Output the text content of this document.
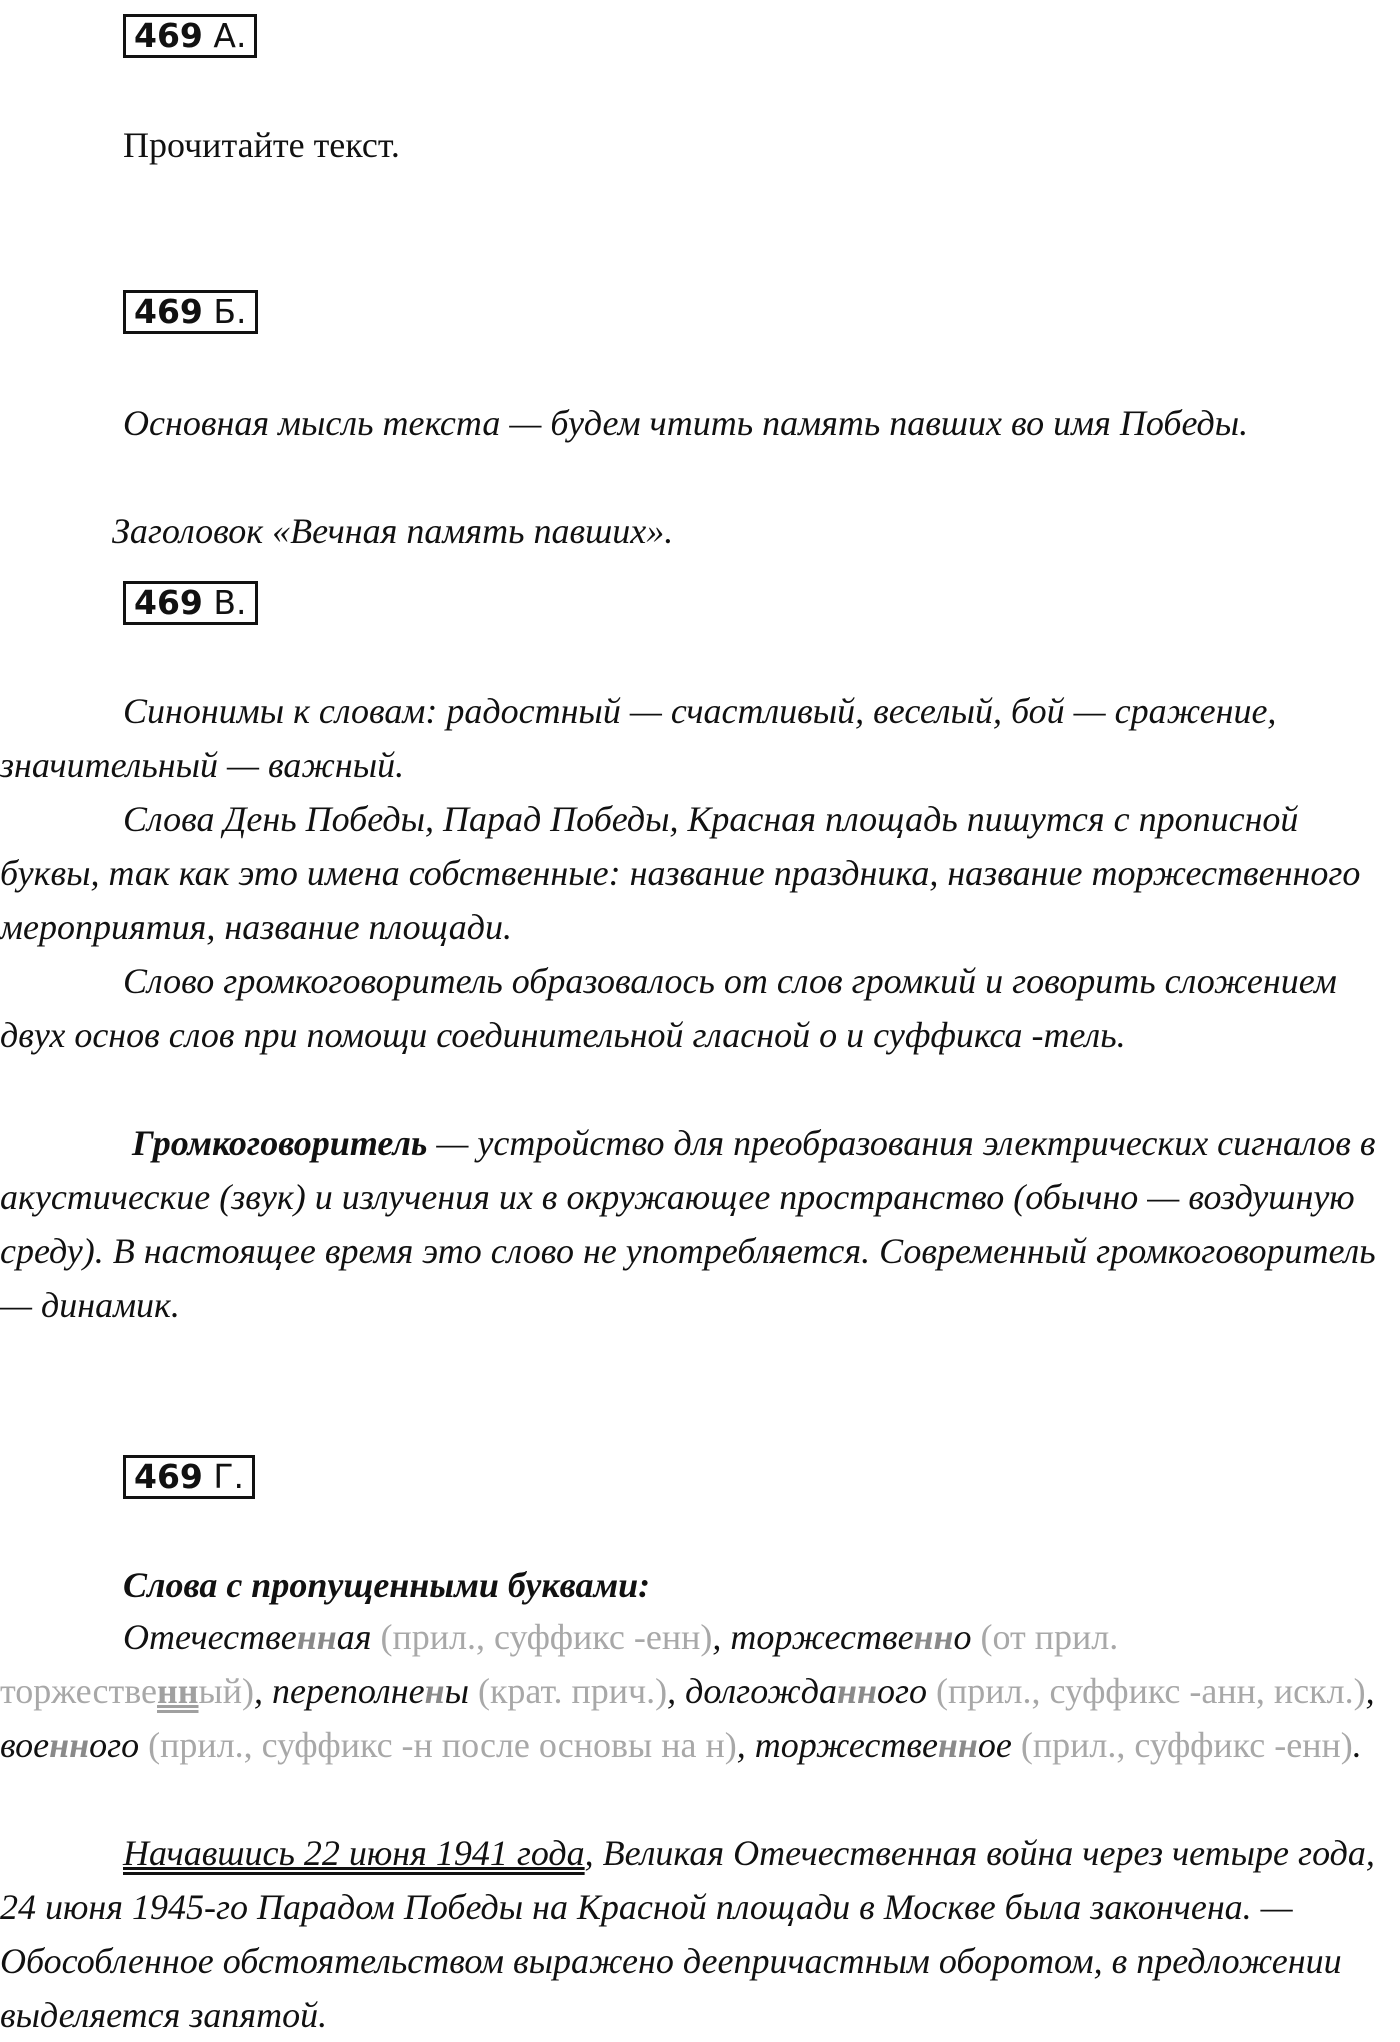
469 А.

Прочитайте текст.

469 Б.

Основная мысль текста — будем чтить память павших во имя Победы.

Заголовок «Вечная память павших».

469 В.

Синонимы к словам: радостный — счастливый, веселый, бой — сражение, значительный — важный.

Слова День Победы, Парад Победы, Красная площадь пишутся с прописной буквы, так как это имена собственные: название праздника, название торжественного мероприятия, название площади.

Слово громкоговоритель образовалось от слов громкий и говорить сложением двух основ слов при помощи соединительной гласной о и суффикса -тель.

Громкоговоритель — устройство для преобразования электрических сигналов в акустические (звук) и излучения их в окружающее пространство (обычно — воздушную среду). В настоящее время это слово не употребляется. Современный громкоговоритель — динамик.

469 Г.

Слова с пропущенными буквами:

Отечественная (прил., суффикс -енн), торжественно (от прил. торжественный), переполнены (крат. прич.), долгожданного (прил., суффикс -анн, искл.), военного (прил., суффикс -н после основы на н), торжественное (прил., суффикс -енн).

Начавшись 22 июня 1941 года, Великая Отечественная война через четыре года, 24 июня 1945-го Парадом Победы на Красной площади в Москве была закончена. — Обособленное обстоятельством выражено деепричастным оборотом, в предложении выделяется запятой.
